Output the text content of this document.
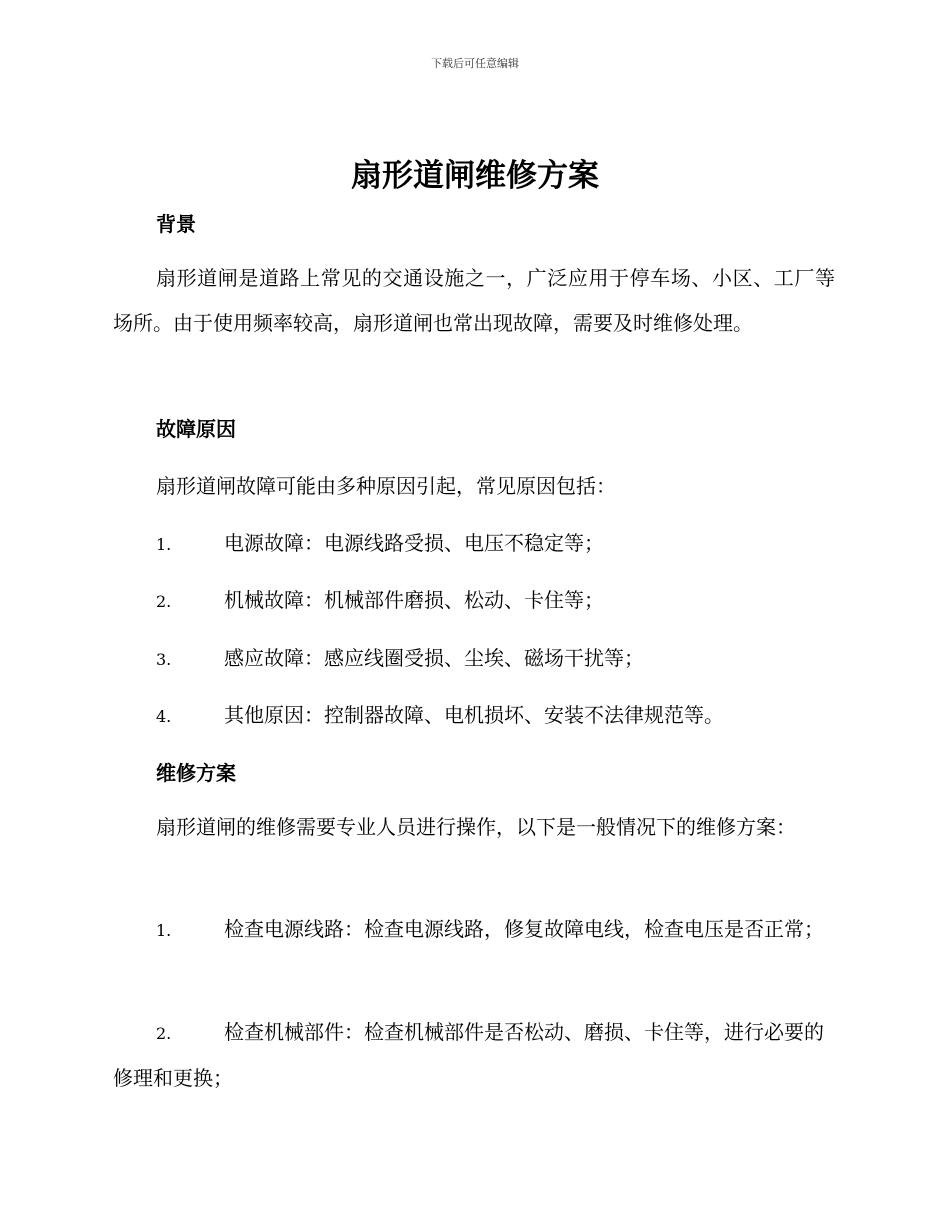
下载后可任意编辑
扇形道闸维修方案
背景

扇形道闸是道路上常见的交通设施之一，广泛应用于停车场、小区、工厂等场所。由于使用频率较高，扇形道闸也常出现故障，需要及时维修处理。

故障原因

扇形道闸故障可能由多种原因引起，常见原因包括：

1.	电源故障：电源线路受损、电压不稳定等；

2.	机械故障：机械部件磨损、松动、卡住等；

3.	感应故障：感应线圈受损、尘埃、磁场干扰等；

4.	其他原因：控制器故障、电机损坏、安装不法律规范等。

维修方案

扇形道闸的维修需要专业人员进行操作，以下是一般情况下的维修方案：

1.	检查电源线路：检查电源线路，修复故障电线，检查电压是否正常；

2.	检查机械部件：检查机械部件是否松动、磨损、卡住等，进行必要的修理和更换；
